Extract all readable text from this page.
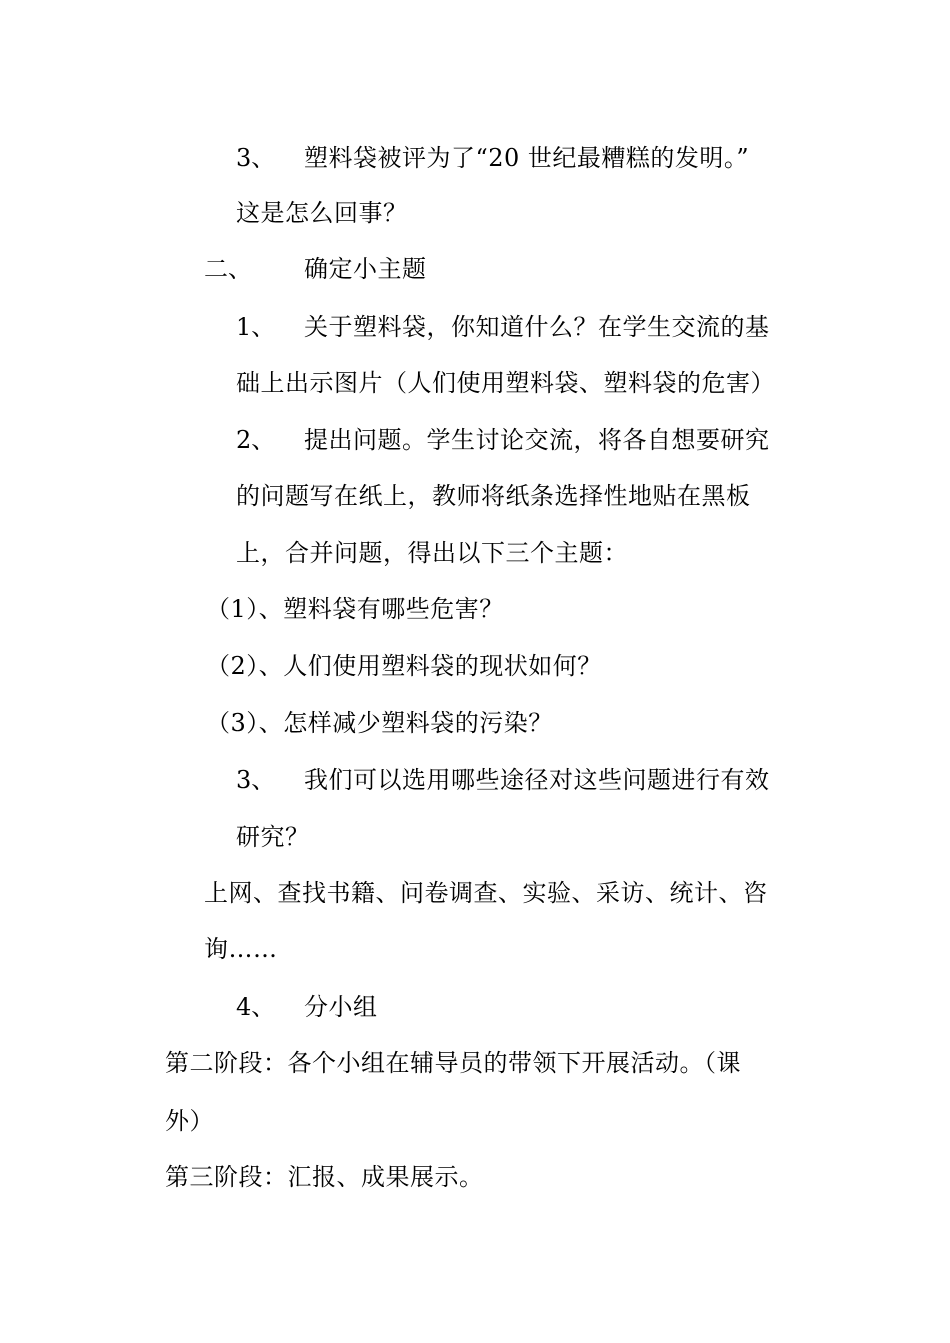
3、 塑料袋被评为了“20 世纪最糟糕的发明。”
这是怎么回事？
二、 确定小主题
1、 关于塑料袋，你知道什么？在学生交流的基
础上出示图片（人们使用塑料袋、塑料袋的危害）
2、 提出问题。学生讨论交流，将各自想要研究
的问题写在纸上，教师将纸条选择性地贴在黑板
上，合并问题，得出以下三个主题：
（1）、塑料袋有哪些危害？
（2）、人们使用塑料袋的现状如何？
（3）、怎样减少塑料袋的污染？
3、 我们可以选用哪些途径对这些问题进行有效
研究？
上网、查找书籍、问卷调查、实验、采访、统计、咨
询……
4、 分小组
第二阶段：各个小组在辅导员的带领下开展活动。（课
外）
第三阶段：汇报、成果展示。
